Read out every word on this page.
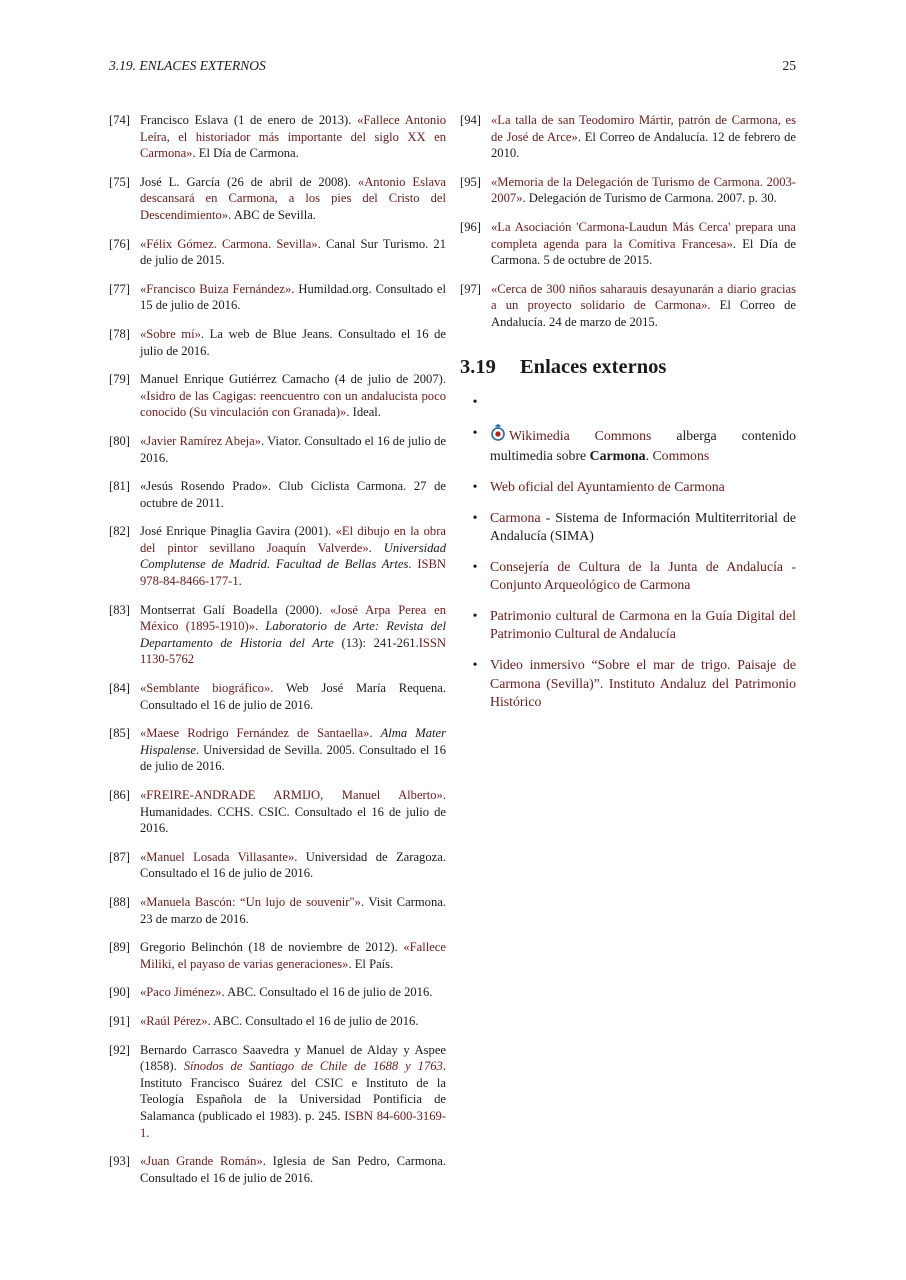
3.19. ENLACES EXTERNOS	25
[74] Francisco Eslava (1 de enero de 2013). «Fallece Antonio Leíra, el historiador más importante del siglo XX en Carmona». El Día de Carmona.
[75] José L. García (26 de abril de 2008). «Antonio Eslava descansará en Carmona, a los pies del Cristo del Descendimiento». ABC de Sevilla.
[76] «Félix Gómez. Carmona. Sevilla». Canal Sur Turismo. 21 de julio de 2015.
[77] «Francisco Buiza Fernández». Humildad.org. Consultado el 15 de julio de 2016.
[78] «Sobre mí». La web de Blue Jeans. Consultado el 16 de julio de 2016.
[79] Manuel Enrique Gutiérrez Camacho (4 de julio de 2007). «Isidro de las Cagigas: reencuentro con un andalucista poco conocido (Su vinculación con Granada)». Ideal.
[80] «Javier Ramírez Abeja». Viator. Consultado el 16 de julio de 2016.
[81] «Jesús Rosendo Prado». Club Ciclista Carmona. 27 de octubre de 2011.
[82] José Enrique Pinaglia Gavira (2001). «El dibujo en la obra del pintor sevillano Joaquín Valverde». Universidad Complutense de Madrid. Facultad de Bellas Artes. ISBN 978-84-8466-177-1.
[83] Montserrat Galí Boadella (2000). «José Arpa Perea en México (1895-1910)». Laboratorio de Arte: Revista del Departamento de Historia del Arte (13): 241-261.ISSN 1130-5762
[84] «Semblante biográfico». Web José María Requena. Consultado el 16 de julio de 2016.
[85] «Maese Rodrigo Fernández de Santaella». Alma Mater Hispalense. Universidad de Sevilla. 2005. Consultado el 16 de julio de 2016.
[86] «FREIRE-ANDRADE ARMIJO, Manuel Alberto». Humanidades. CCHS. CSIC. Consultado el 16 de julio de 2016.
[87] «Manuel Losada Villasante». Universidad de Zaragoza. Consultado el 16 de julio de 2016.
[88] «Manuela Bascón: “Un lujo de souvenir"». Visit Carmona. 23 de marzo de 2016.
[89] Gregorio Belinchón (18 de noviembre de 2012). «Fallece Miliki, el payaso de varias generaciones». El País.
[90] «Paco Jiménez». ABC. Consultado el 16 de julio de 2016.
[91] «Raúl Pérez». ABC. Consultado el 16 de julio de 2016.
[92] Bernardo Carrasco Saavedra y Manuel de Alday y Aspee (1858). Sínodos de Santiago de Chile de 1688 y 1763. Instituto Francisco Suárez del CSIC e Instituto de la Teología Española de la Universidad Pontificia de Salamanca (publicado el 1983). p. 245. ISBN 84-600-3169-1.
[93] «Juan Grande Román». Iglesia de San Pedro, Carmona. Consultado el 16 de julio de 2016.
[94] «La talla de san Teodomiro Mártir, patrón de Carmona, es de José de Arce». El Correo de Andalucía. 12 de febrero de 2010.
[95] «Memoria de la Delegación de Turismo de Carmona. 2003-2007». Delegación de Turismo de Carmona. 2007. p. 30.
[96] «La Asociación 'Carmona-Laudun Más Cerca' prepara una completa agenda para la Comitiva Francesa». El Día de Carmona. 5 de octubre de 2015.
[97] «Cerca de 300 niños saharauis desayunarán a diario gracias a un proyecto solidario de Carmona». El Correo de Andalucía. 24 de marzo de 2015.
3.19	Enlaces externos
•
•	Wikimedia Commons alberga contenido multimedia sobre Carmona. Commons
• Web oficial del Ayuntamiento de Carmona
• Carmona - Sistema de Información Multiterritorial de Andalucía (SIMA)
• Consejería de Cultura de la Junta de Andalucía - Conjunto Arqueológico de Carmona
• Patrimonio cultural de Carmona en la Guía Digital del Patrimonio Cultural de Andalucía
• Video inmersivo “Sobre el mar de trigo. Paisaje de Carmona (Sevilla)”. Instituto Andaluz del Patrimonio Histórico
